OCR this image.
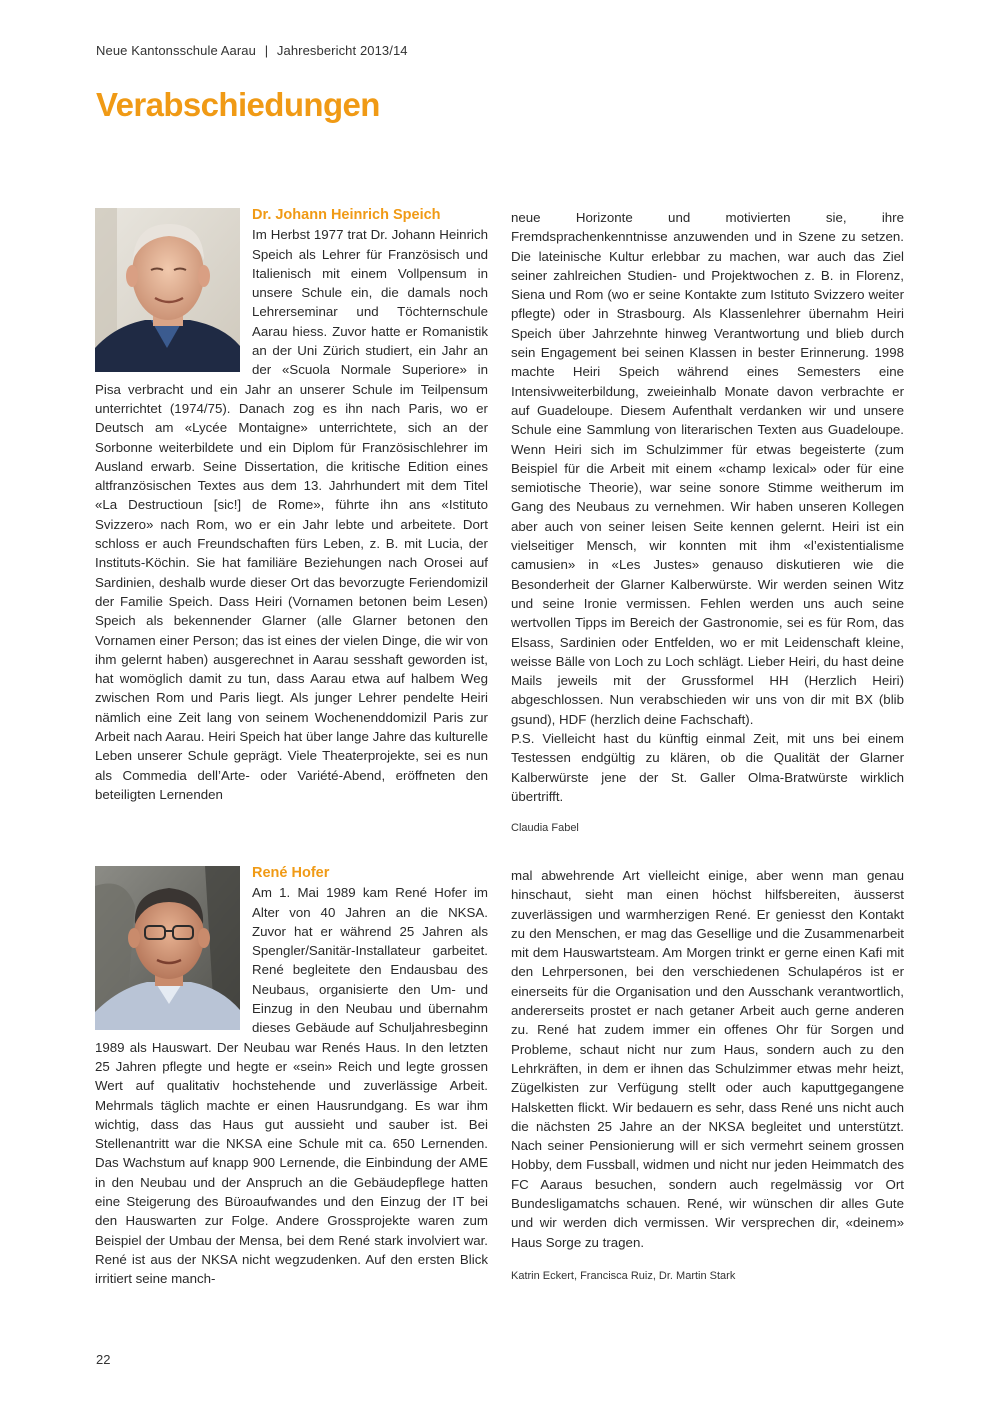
Neue Kantonsschule Aarau | Jahresbericht 2013/14
Verabschiedungen
Dr. Johann Heinrich Speich

Im Herbst 1977 trat Dr. Johann Heinrich Speich als Lehrer für Französisch und Italienisch mit einem Vollpensum in unsere Schule ein, die damals noch Lehrerseminar und Töchternschule Aarau hiess. Zuvor hatte er Romanistik an der Uni Zürich studiert, ein Jahr an der «Scuola Normale Superiore» in Pisa verbracht und ein Jahr an unserer Schule im Teilpensum unterrichtet (1974/75). Danach zog es ihn nach Paris, wo er Deutsch am «Lycée Montaigne» unterrichtete, sich an der Sorbonne weiterbildete und ein Diplom für Französischlehrer im Ausland erwarb. Seine Dissertation, die kritische Edition eines altfranzösischen Textes aus dem 13. Jahrhundert mit dem Titel «La Destructioun [sic!] de Rome», führte ihn ans «Istituto Svizzero» nach Rom, wo er ein Jahr lebte und arbeitete. Dort schloss er auch Freundschaften fürs Leben, z. B. mit Lucia, der Instituts-Köchin. Sie hat familiäre Beziehungen nach Orosei auf Sardinien, deshalb wurde dieser Ort das bevorzugte Feriendomizil der Familie Speich. Dass Heiri (Vornamen betonen beim Lesen) Speich als bekennender Glarner (alle Glarner betonen den Vornamen einer Person; das ist eines der vielen Dinge, die wir von ihm gelernt haben) ausgerechnet in Aarau sesshaft geworden ist, hat womöglich damit zu tun, dass Aarau etwa auf halbem Weg zwischen Rom und Paris liegt. Als junger Lehrer pendelte Heiri nämlich eine Zeit lang von seinem Wochenenddomizil Paris zur Arbeit nach Aarau. Heiri Speich hat über lange Jahre das kulturelle Leben unserer Schule geprägt. Viele Theaterprojekte, sei es nun als Commedia dell’Arte- oder Variété-Abend, eröffneten den beteiligten Lernenden

neue Horizonte und motivierten sie, ihre Fremdsprachenkenntnisse anzuwenden und in Szene zu setzen. Die lateinische Kultur erlebbar zu machen, war auch das Ziel seiner zahlreichen Studien- und Projektwochen z. B. in Florenz, Siena und Rom (wo er seine Kontakte zum Istituto Svizzero weiter pflegte) oder in Strasbourg. Als Klassenlehrer übernahm Heiri Speich über Jahrzehnte hinweg Verantwortung und blieb durch sein Engagement bei seinen Klassen in bester Erinnerung. 1998 machte Heiri Speich während eines Semesters eine Intensivweiterbildung, zweieinhalb Monate davon verbrachte er auf Guadeloupe. Diesem Aufenthalt verdanken wir und unsere Schule eine Sammlung von literarischen Texten aus Guadeloupe. Wenn Heiri sich im Schulzimmer für etwas begeisterte (zum Beispiel für die Arbeit mit einem «champ lexical» oder für eine semiotische Theorie), war seine sonore Stimme weitherum im Gang des Neubaus zu vernehmen. Wir haben unseren Kollegen aber auch von seiner leisen Seite kennen gelernt. Heiri ist ein vielseitiger Mensch, wir konnten mit ihm «l’existentialisme camusien» in «Les Justes» genauso diskutieren wie die Besonderheit der Glarner Kalberwürste. Wir werden seinen Witz und seine Ironie vermissen. Fehlen werden uns auch seine wertvollen Tipps im Bereich der Gastronomie, sei es für Rom, das Elsass, Sardinien oder Entfelden, wo er mit Leidenschaft kleine, weisse Bälle von Loch zu Loch schlägt. Lieber Heiri, du hast deine Mails jeweils mit der Grussformel HH (Herzlich Heiri) abgeschlossen. Nun verabschieden wir uns von dir mit BX (blib gsund), HDF (herzlich deine Fachschaft).

P.S. Vielleicht hast du künftig einmal Zeit, mit uns bei einem Testessen endgültig zu klären, ob die Qualität der Glarner Kalberwürste jene der St. Galler Olma-Bratwürste wirklich übertrifft.

Claudia Fabel
René Hofer

Am 1. Mai 1989 kam René Hofer im Alter von 40 Jahren an die NKSA. Zuvor hat er während 25 Jahren als Spengler/Sanitär-Installateur garbeitet. René begleitete den Endausbau des Neubaus, organisierte den Um- und Einzug in den Neubau und übernahm dieses Gebäude auf Schuljahresbeginn 1989 als Hauswart. Der Neubau war Renés Haus. In den letzten 25 Jahren pflegte und hegte er «sein» Reich und legte grossen Wert auf qualitativ hochstehende und zuverlässige Arbeit. Mehrmals täglich machte er einen Hausrundgang. Es war ihm wichtig, dass das Haus gut aussieht und sauber ist. Bei Stellenantritt war die NKSA eine Schule mit ca. 650 Lernenden. Das Wachstum auf knapp 900 Lernende, die Einbindung der AME in den Neubau und der Anspruch an die Gebäudepflege hatten eine Steigerung des Büroaufwandes und den Einzug der IT bei den Hauswarten zur Folge. Andere Grossprojekte waren zum Beispiel der Umbau der Mensa, bei dem René stark involviert war. René ist aus der NKSA nicht wegzudenken. Auf den ersten Blick irritiert seine manch-

mal abwehrende Art vielleicht einige, aber wenn man genau hinschaut, sieht man einen höchst hilfsbereiten, äusserst zuverlässigen und warmherzigen René. Er geniesst den Kontakt zu den Menschen, er mag das Gesellige und die Zusammenarbeit mit dem Hauswartsteam. Am Morgen trinkt er gerne einen Kafi mit den Lehrpersonen, bei den verschiedenen Schulapéros ist er einerseits für die Organisation und den Ausschank verantwortlich, andererseits prostet er nach getaner Arbeit auch gerne anderen zu. René hat zudem immer ein offenes Ohr für Sorgen und Probleme, schaut nicht nur zum Haus, sondern auch zu den Lehrkräften, in dem er ihnen das Schulzimmer etwas mehr heizt, Zügelkisten zur Verfügung stellt oder auch kaputtgegangene Halsketten flickt. Wir bedauern es sehr, dass René uns nicht auch die nächsten 25 Jahre an der NKSA begleitet und unterstützt. Nach seiner Pensionierung will er sich vermehrt seinem grossen Hobby, dem Fussball, widmen und nicht nur jeden Heimmatch des FC Aaraus besuchen, sondern auch regelmässig vor Ort Bundesligamatchs schauen. René, wir wünschen dir alles Gute und wir werden dich vermissen. Wir versprechen dir, «deinem» Haus Sorge zu tragen.

Katrin Eckert, Francisca Ruiz, Dr. Martin Stark
22
